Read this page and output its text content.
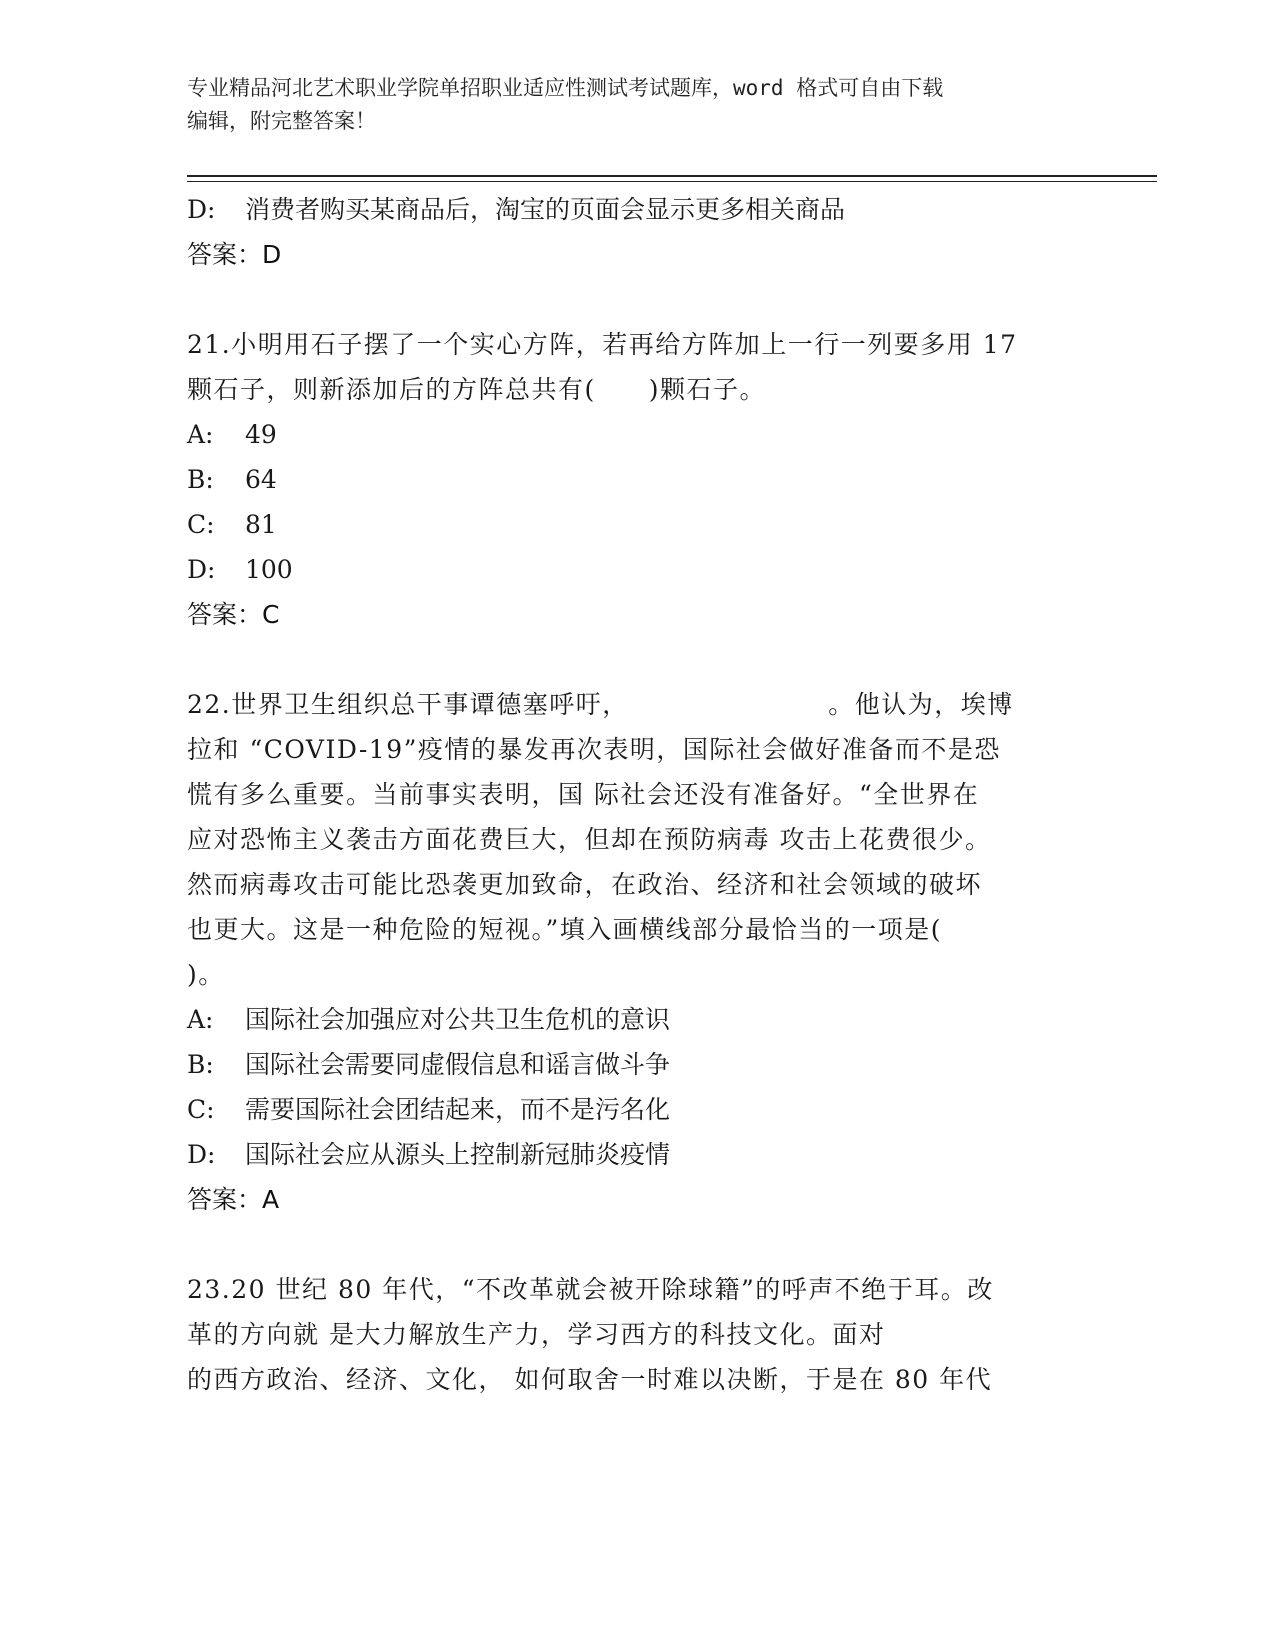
专业精品河北艺术职业学院单招职业适应性测试考试题库，word 格式可自由下载
编辑，附完整答案！
D: 消费者购买某商品后，淘宝的页面会显示更多相关商品
答案：D
21.小明用石子摆了一个实心方阵，若再给方阵加上一行一列要多用 17
颗石子，则新添加后的方阵总共有(　　)颗石子。
A: 49
B: 64
C: 81
D: 100
答案：C
22.世界卫生组织总干事谭德塞呼吁，　　　　　　　　。他认为，埃博
拉和 “COVID-19”疫情的暴发再次表明，国际社会做好准备而不是恐
慌有多么重要。当前事实表明，国 际社会还没有准备好。“全世界在
应对恐怖主义袭击方面花费巨大，但却在预防病毒 攻击上花费很少。
然而病毒攻击可能比恐袭更加致命，在政治、经济和社会领域的破坏
也更大。这是一种危险的短视。”填入画横线部分最恰当的一项是(
)。
A: 国际社会加强应对公共卫生危机的意识
B: 国际社会需要同虚假信息和谣言做斗争
C: 需要国际社会团结起来，而不是污名化
D: 国际社会应从源头上控制新冠肺炎疫情
答案：A
23.20 世纪 80 年代，“不改革就会被开除球籍”的呼声不绝于耳。改
革的方向就 是大力解放生产力，学习西方的科技文化。面对
的西方政治、经济、文化， 如何取舍一时难以决断，于是在 80 年代
